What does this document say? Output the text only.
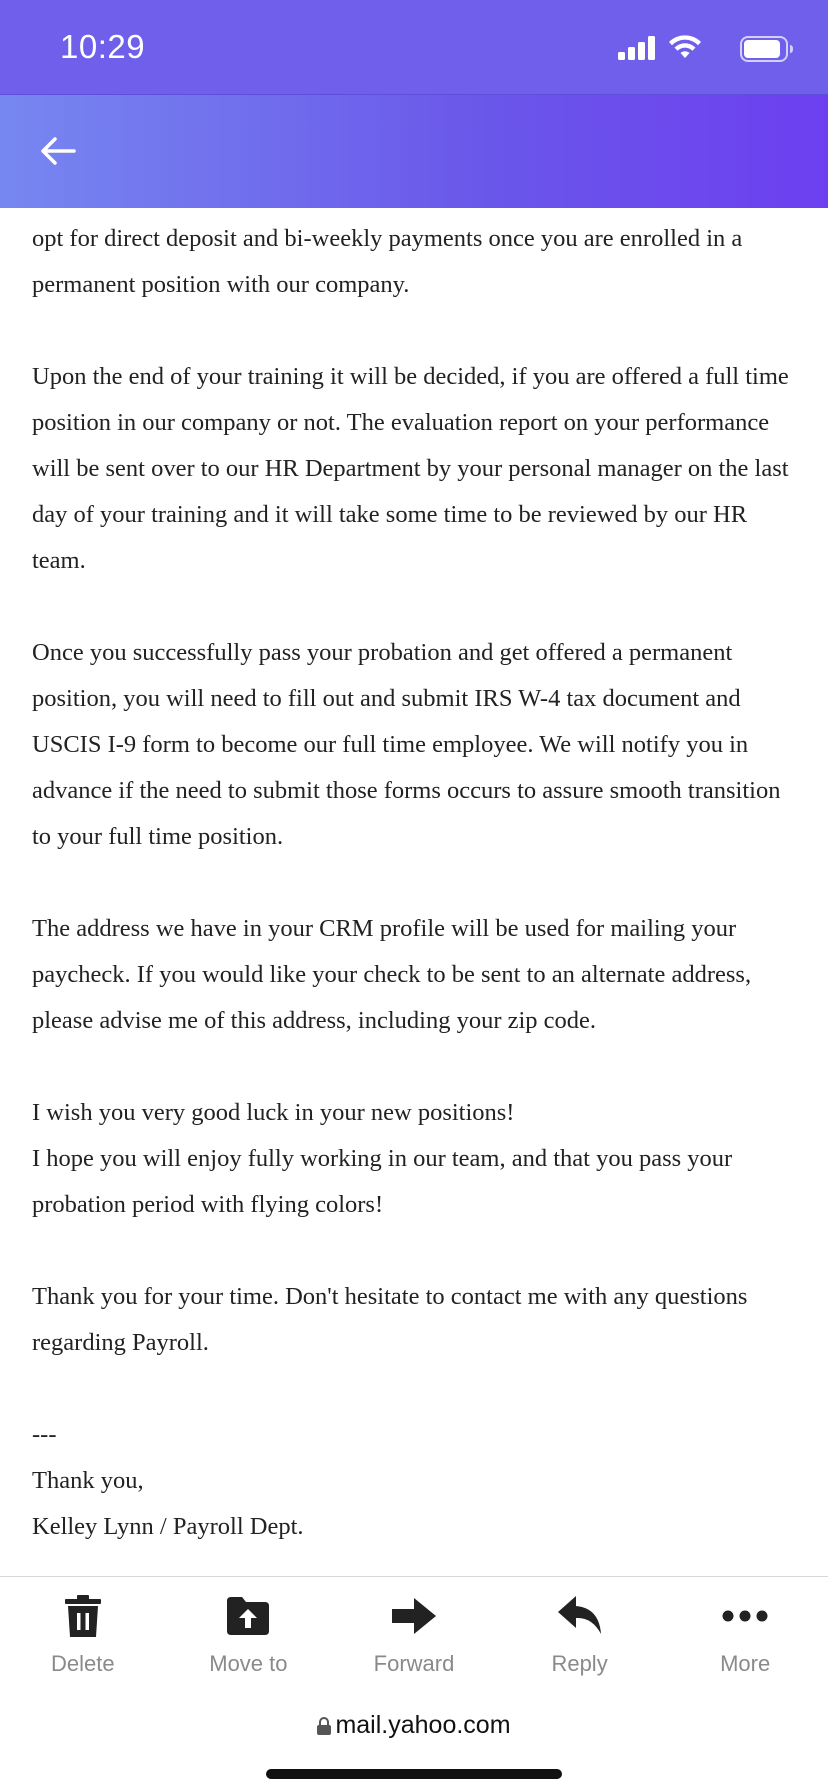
opt for direct deposit and bi-weekly payments once you are enrolled in a permanent position with our company.

Upon the end of your training it will be decided, if you are offered a full time position in our company or not. The evaluation report on your performance will be sent over to our HR Department by your personal manager on the last day of your training and it will take some time to be reviewed by our HR team.

Once you successfully pass your probation and get offered a permanent position, you will need to fill out and submit IRS W-4 tax document and USCIS I-9 form to become our full time employee. We will notify you in advance if the need to submit those forms occurs to assure smooth transition to your full time position.

The address we have in your CRM profile will be used for mailing your paycheck. If you would like your check to be sent to an alternate address, please advise me of this address, including your zip code.

I wish you very good luck in your new positions!

I hope you will enjoy fully working in our team, and that you pass your probation period with flying colors!

Thank you for your time. Don't hesitate to contact me with any questions regarding Payroll.

---

Thank you,

Kelley Lynn / Payroll Dept.

10:29
Delete	Move to	Forward	Reply	More
mail.yahoo.com
